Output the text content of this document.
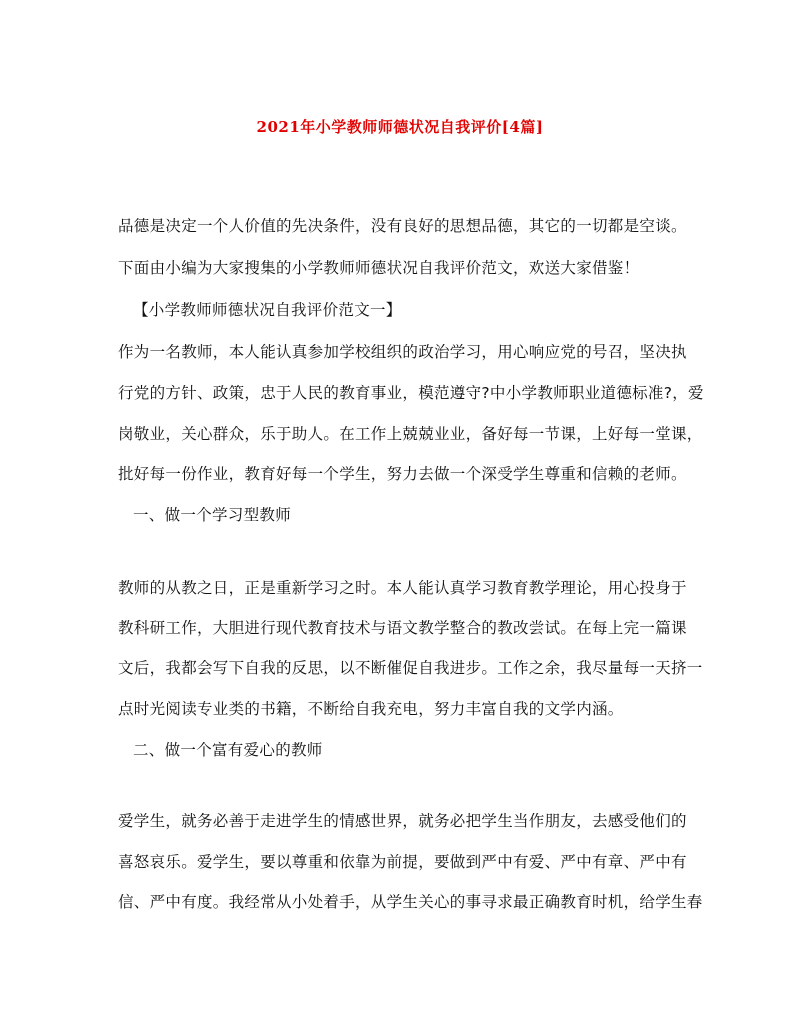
2021年小学教师师德状况自我评价[4篇]
品德是决定一个人价值的先决条件，没有良好的思想品德，其它的一切都是空谈。
下面由小编为大家搜集的小学教师师德状况自我评价范文，欢送大家借鉴！
【小学教师师德状况自我评价范文一】
作为一名教师，本人能认真参加学校组织的政治学习，用心响应党的号召，坚决执
行党的方针、政策，忠于人民的教育事业，模范遵守?中小学教师职业道德标准?，爱
岗敬业，关心群众，乐于助人。在工作上兢兢业业，备好每一节课，上好每一堂课，
批好每一份作业，教育好每一个学生，努力去做一个深受学生尊重和信赖的老师。
一、做一个学习型教师
教师的从教之日，正是重新学习之时。本人能认真学习教育教学理论，用心投身于
教科研工作，大胆进行现代教育技术与语文教学整合的教改尝试。在每上完一篇课
文后，我都会写下自我的反思，以不断催促自我进步。工作之余，我尽量每一天挤一
点时光阅读专业类的书籍，不断给自我充电，努力丰富自我的文学内涵。
二、做一个富有爱心的教师
爱学生，就务必善于走进学生的情感世界，就务必把学生当作朋友，去感受他们的
喜怒哀乐。爱学生，要以尊重和依靠为前提，要做到严中有爱、严中有章、严中有
信、严中有度。我经常从小处着手，从学生关心的事寻求最正确教育时机，给学生春
